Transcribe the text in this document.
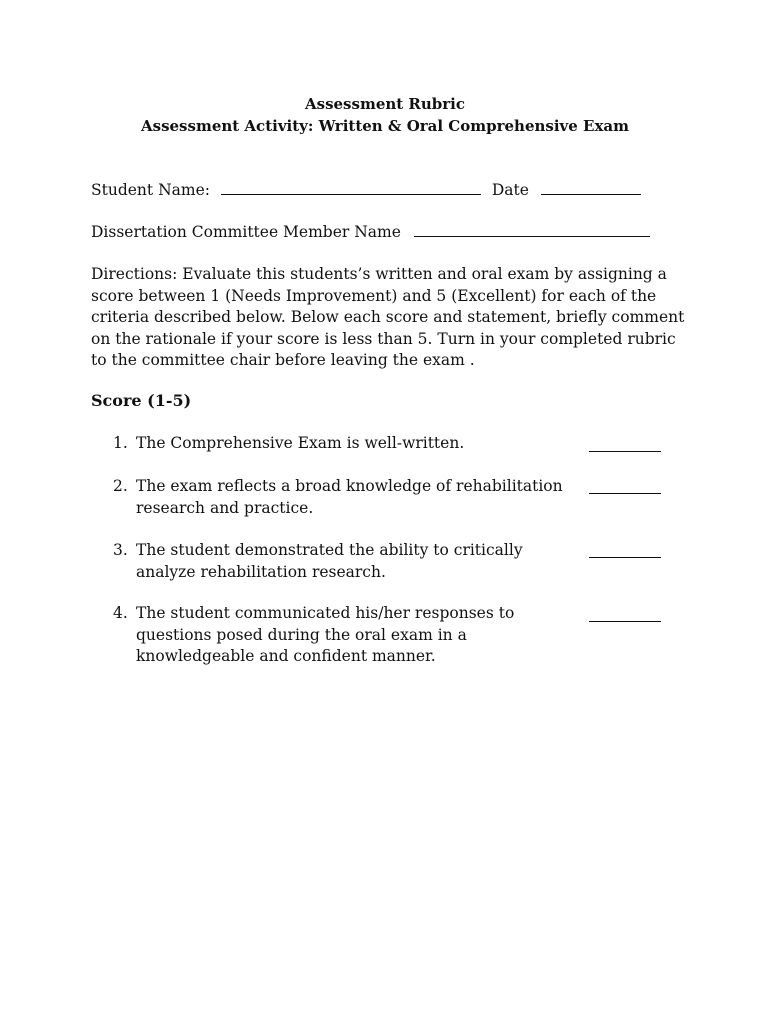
Assessment Rubric
Assessment Activity: Written & Oral Comprehensive Exam
Student Name:	Date
Dissertation Committee Member Name
Directions: Evaluate this students’s written and oral exam by assigning a score between 1 (Needs Improvement) and 5 (Excellent) for each of the criteria described below. Below each score and statement, briefly comment on the rationale if your score is less than 5. Turn in your completed rubric to the committee chair before leaving the exam .
Score (1-5)
1. The Comprehensive Exam is well-written.
2. The exam reflects a broad knowledge of rehabilitation research and practice.
3. The student demonstrated the ability to critically analyze rehabilitation research.
4. The student communicated his/her responses to questions posed during the oral exam in a knowledgeable and confident manner.
